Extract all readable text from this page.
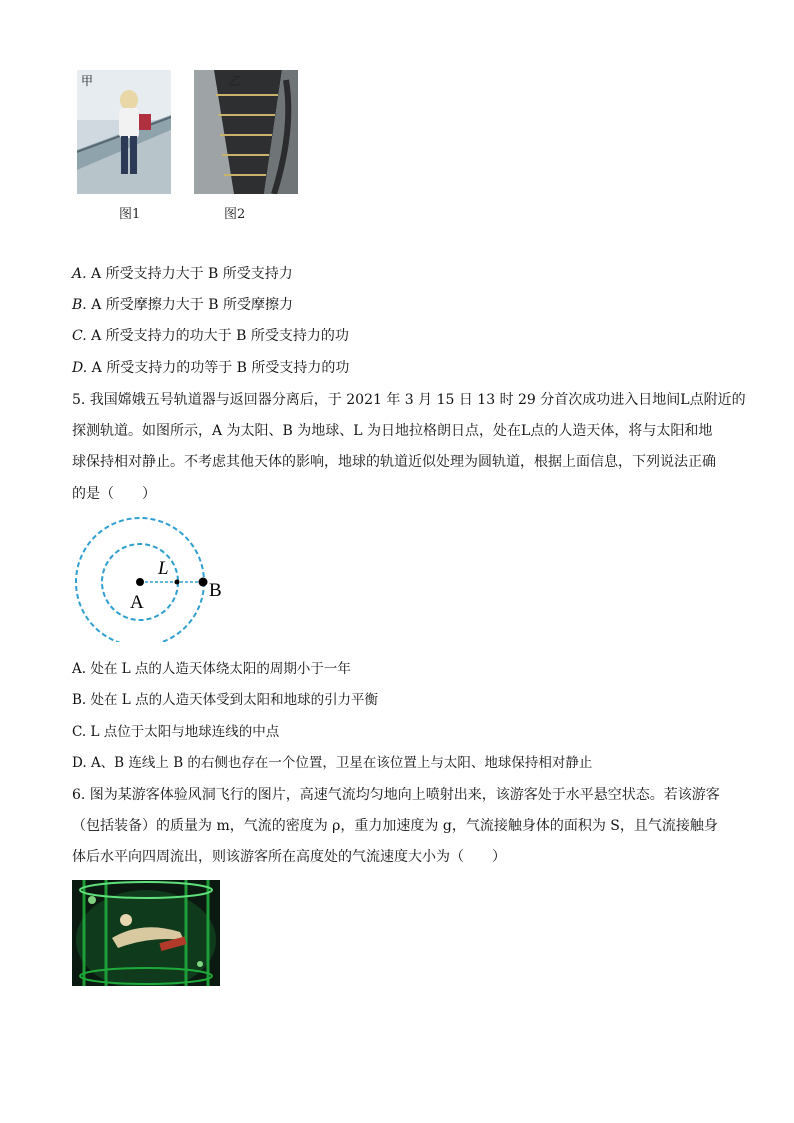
甲	乙
图1	图2
A. A 所受支持力大于 B 所受支持力
B. A 所受摩擦力大于 B 所受摩擦力
C. A 所受支持力的功大于 B 所受支持力的功
D. A 所受支持力的功等于 B 所受支持力的功
5. 我国嫦娥五号轨道器与返回器分离后，于 2021 年 3 月 15 日 13 时 29 分首次成功进入日地间L点附近的
探测轨道。如图所示，A 为太阳、B 为地球、L 为日地拉格朗日点，处在L点的人造天体，将与太阳和地
球保持相对静止。不考虑其他天体的影响，地球的轨道近似处理为圆轨道，根据上面信息，下列说法正确
的是（　　）
A
B
L
A. 处在 L 点的人造天体绕太阳的周期小于一年
B. 处在 L 点的人造天体受到太阳和地球的引力平衡
C. L 点位于太阳与地球连线的中点
D. A、B 连线上 B 的右侧也存在一个位置，卫星在该位置上与太阳、地球保持相对静止
6. 图为某游客体验风洞飞行的图片，高速气流均匀地向上喷射出来，该游客处于水平悬空状态。若该游客
（包括装备）的质量为 m，气流的密度为 ρ，重力加速度为 g，气流接触身体的面积为 S，且气流接触身
体后水平向四周流出，则该游客所在高度处的气流速度大小为（　　）
